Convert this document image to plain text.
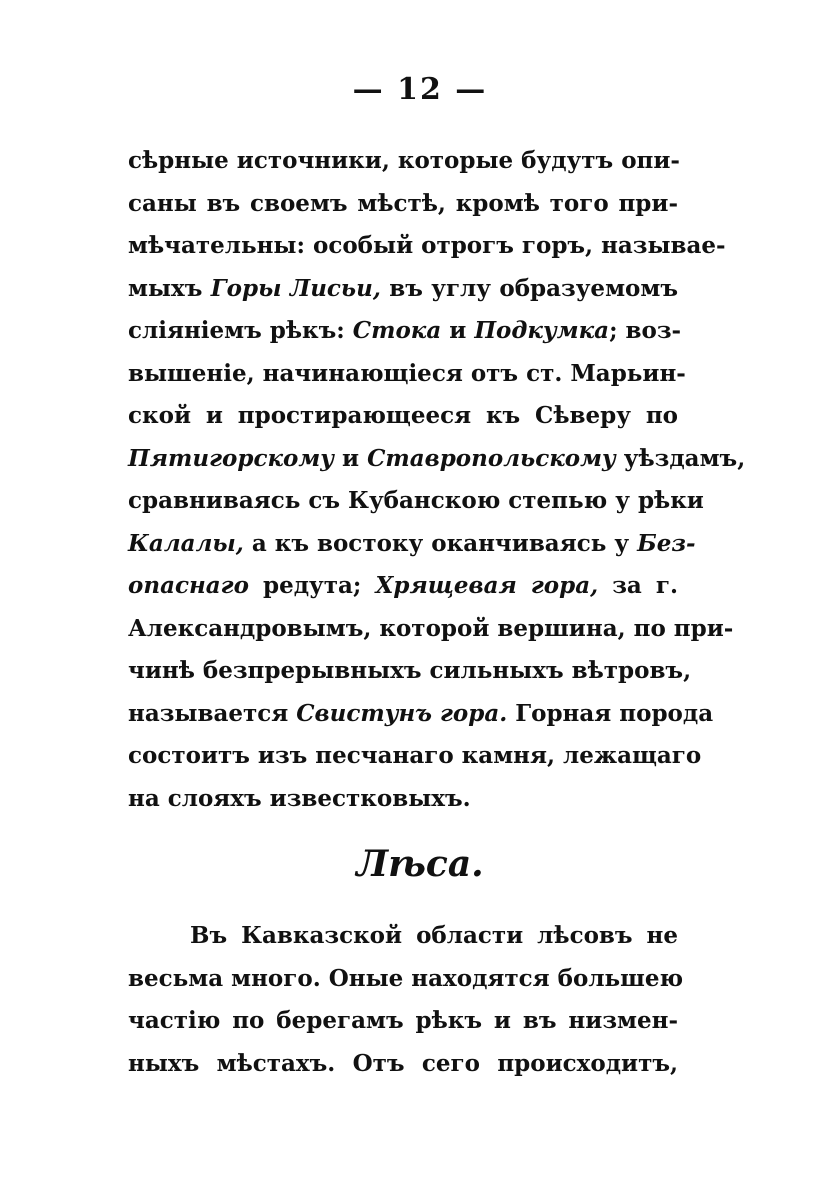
— 12 —
сѣрные источники, которые будутъ опи-
саны въ своемъ мѣстѣ, кромѣ того при-
мѣчательны: особый отрогъ горъ, называе-
мыхъ Горы Лисьи, въ углу образуемомъ
сліяніемъ рѣкъ: Стока и Подкумка; воз-
вышеніе, начинающіеся отъ ст. Марьин-
ской и простирающееся къ Сѣверу по
Пятигорскому и Ставропольскому уѣздамъ,
сравниваясь съ Кубанскою степью у рѣки
Калалы, а къ востоку оканчиваясь у Без-
опаснаго редута; Хрящевая гора, за г.
Александровымъ, которой вершина, по при-
чинѣ безпрерывныхъ сильныхъ вѣтровъ,
называется Свистунъ гора. Горная порода
состоитъ изъ песчанаго камня, лежащаго
на слояхъ известковыхъ.
Лѣса.
Въ Кавказской области лѣсовъ не
весьма много. Оные находятся большею
частію по берегамъ рѣкъ и въ низмен-
ныхъ мѣстахъ. Отъ сего происходитъ,
